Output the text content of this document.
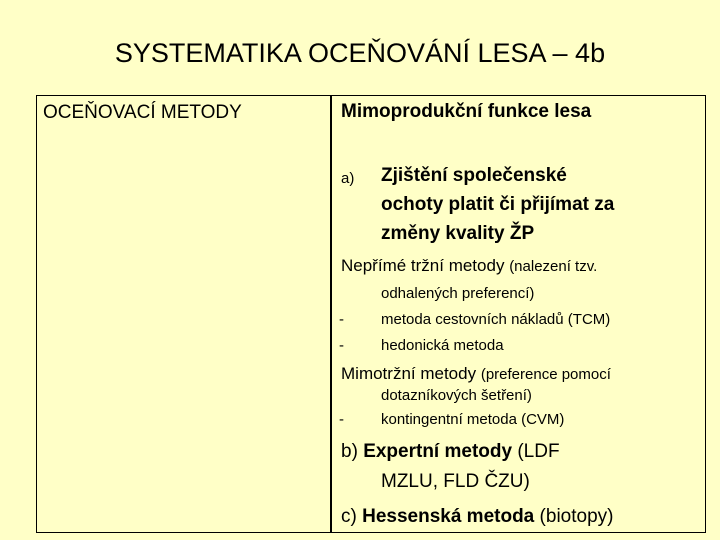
SYSTEMATIKA OCEŇOVÁNÍ LESA – 4b
OCEŇOVACÍ METODY	Mimoprodukční funkce lesa
a) Zjištění společenské
ochoty platit či přijímat za
změny kvality ŽP
Nepřímé tržní metody (nalezení tzv.
odhalených preferencí)
- metoda cestovních nákladů (TCM)
- hedonická metoda
Mimotržní metody (preference pomocí
dotazníkových šetření)
- kontingentní metoda (CVM)
b) Expertní metody (LDF
MZLU, FLD ČZU)
c) Hessenská metoda (biotopy)
